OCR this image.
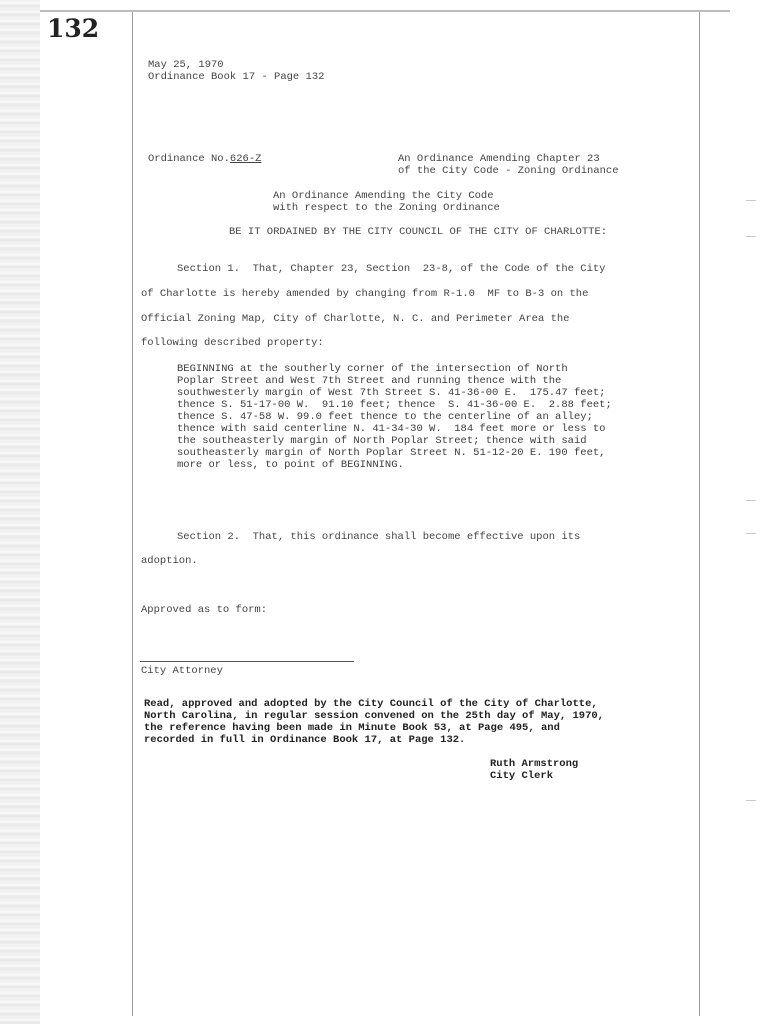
132
May 25, 1970
Ordinance Book 17 - Page 132
Ordinance No.626-Z	An Ordinance Amending Chapter 23
of the City Code - Zoning Ordinance
An Ordinance Amending the City Code
with respect to the Zoning Ordinance
BE IT ORDAINED BY THE CITY COUNCIL OF THE CITY OF CHARLOTTE:
Section 1.  That, Chapter 23, Section  23-8, of the Code of the City
of Charlotte is hereby amended by changing from R-1.0  MF to B-3 on the
Official Zoning Map, City of Charlotte, N. C. and Perimeter Area the
following described property:
BEGINNING at the southerly corner of the intersection of North
Poplar Street and West 7th Street and running thence with the
southwesterly margin of West 7th Street S. 41-36-00 E.  175.47 feet;
thence S. 51-17-00 W.  91.10 feet; thence  S. 41-36-00 E.  2.88 feet;
thence S. 47-58 W. 99.0 feet thence to the centerline of an alley;
thence with said centerline N. 41-34-30 W.  184 feet more or less to
the southeasterly margin of North Poplar Street; thence with said
southeasterly margin of North Poplar Street N. 51-12-20 E. 190 feet,
more or less, to point of BEGINNING.
Section 2.  That, this ordinance shall become effective upon its
adoption.
Approved as to form:
City Attorney
Read, approved and adopted by the City Council of the City of Charlotte,
North Carolina, in regular session convened on the 25th day of May, 1970,
the reference having been made in Minute Book 53, at Page 495, and
recorded in full in Ordinance Book 17, at Page 132.
Ruth Armstrong
City Clerk
